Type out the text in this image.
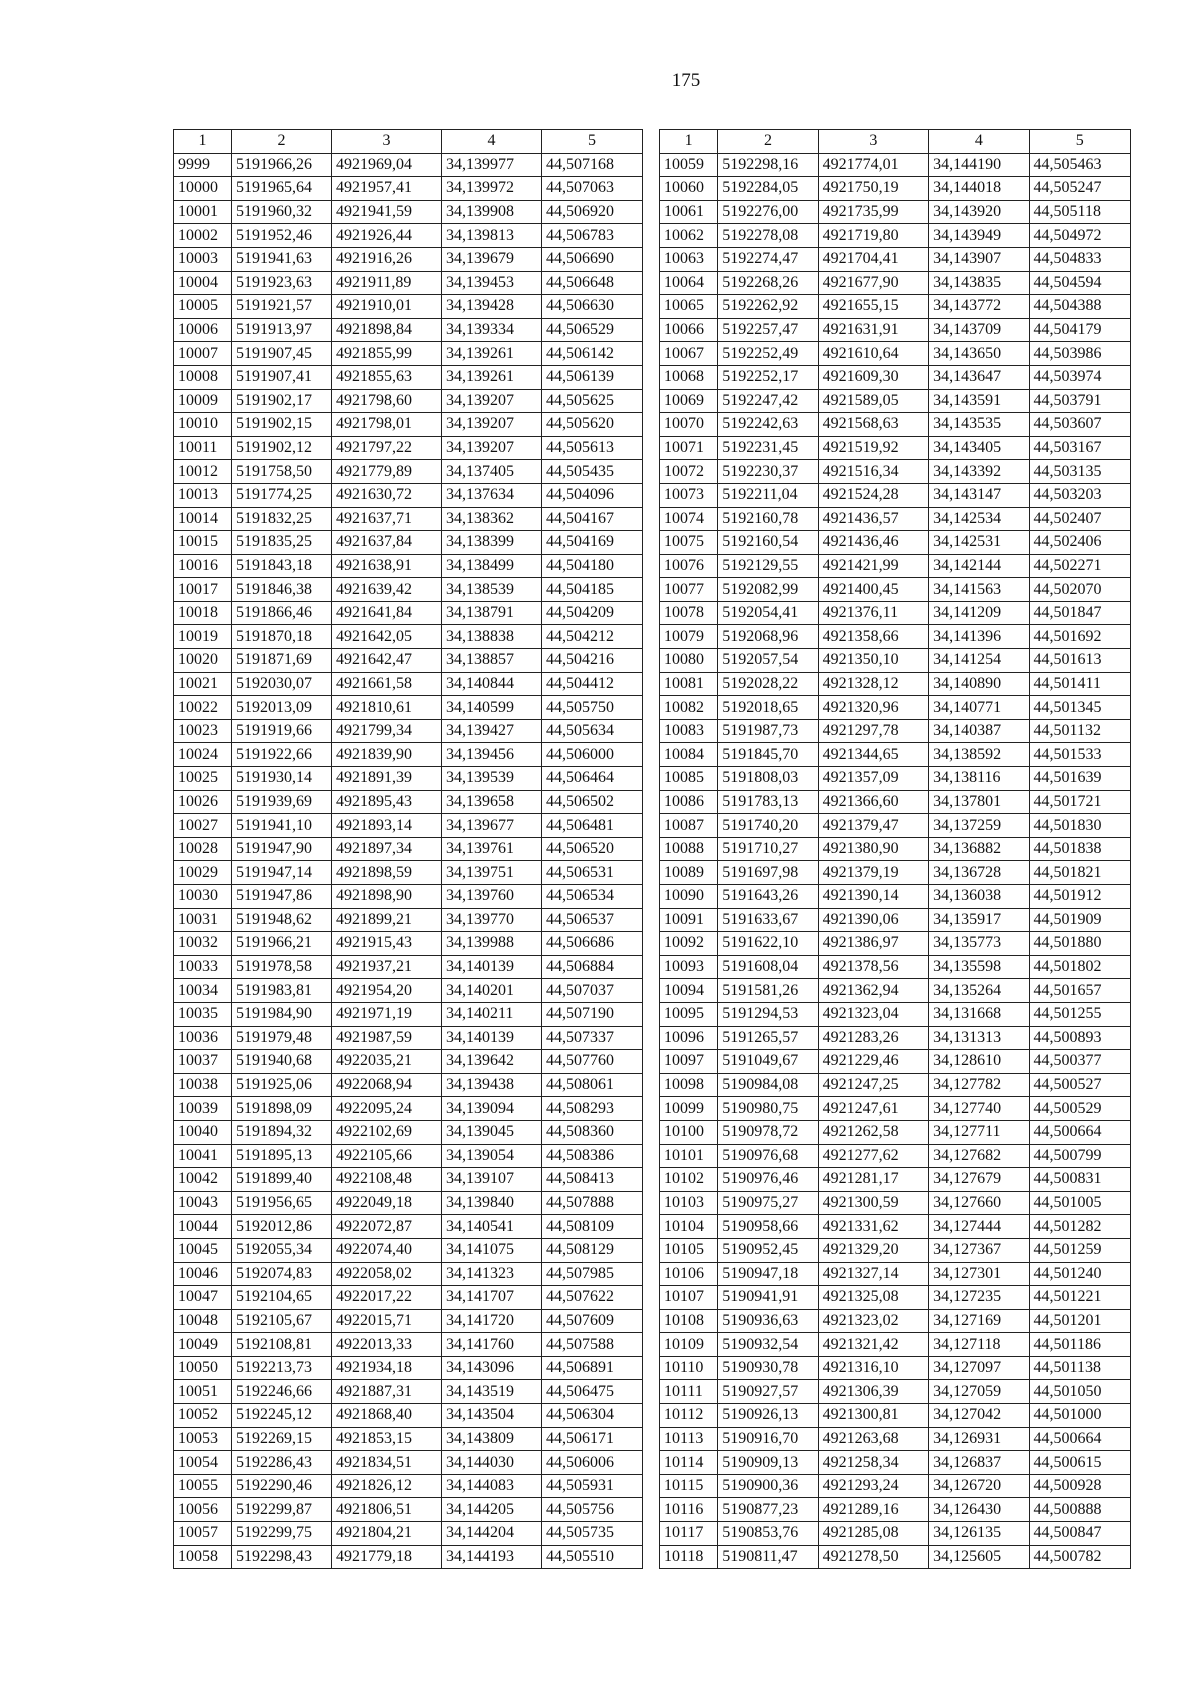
175
1	2	3	4	5
9999	5191966,26	4921969,04	34,139977	44,507168
10000	5191965,64	4921957,41	34,139972	44,507063
10001	5191960,32	4921941,59	34,139908	44,506920
10002	5191952,46	4921926,44	34,139813	44,506783
10003	5191941,63	4921916,26	34,139679	44,506690
10004	5191923,63	4921911,89	34,139453	44,506648
10005	5191921,57	4921910,01	34,139428	44,506630
10006	5191913,97	4921898,84	34,139334	44,506529
10007	5191907,45	4921855,99	34,139261	44,506142
10008	5191907,41	4921855,63	34,139261	44,506139
10009	5191902,17	4921798,60	34,139207	44,505625
10010	5191902,15	4921798,01	34,139207	44,505620
10011	5191902,12	4921797,22	34,139207	44,505613
10012	5191758,50	4921779,89	34,137405	44,505435
10013	5191774,25	4921630,72	34,137634	44,504096
10014	5191832,25	4921637,71	34,138362	44,504167
10015	5191835,25	4921637,84	34,138399	44,504169
10016	5191843,18	4921638,91	34,138499	44,504180
10017	5191846,38	4921639,42	34,138539	44,504185
10018	5191866,46	4921641,84	34,138791	44,504209
10019	5191870,18	4921642,05	34,138838	44,504212
10020	5191871,69	4921642,47	34,138857	44,504216
10021	5192030,07	4921661,58	34,140844	44,504412
10022	5192013,09	4921810,61	34,140599	44,505750
10023	5191919,66	4921799,34	34,139427	44,505634
10024	5191922,66	4921839,90	34,139456	44,506000
10025	5191930,14	4921891,39	34,139539	44,506464
10026	5191939,69	4921895,43	34,139658	44,506502
10027	5191941,10	4921893,14	34,139677	44,506481
10028	5191947,90	4921897,34	34,139761	44,506520
10029	5191947,14	4921898,59	34,139751	44,506531
10030	5191947,86	4921898,90	34,139760	44,506534
10031	5191948,62	4921899,21	34,139770	44,506537
10032	5191966,21	4921915,43	34,139988	44,506686
10033	5191978,58	4921937,21	34,140139	44,506884
10034	5191983,81	4921954,20	34,140201	44,507037
10035	5191984,90	4921971,19	34,140211	44,507190
10036	5191979,48	4921987,59	34,140139	44,507337
10037	5191940,68	4922035,21	34,139642	44,507760
10038	5191925,06	4922068,94	34,139438	44,508061
10039	5191898,09	4922095,24	34,139094	44,508293
10040	5191894,32	4922102,69	34,139045	44,508360
10041	5191895,13	4922105,66	34,139054	44,508386
10042	5191899,40	4922108,48	34,139107	44,508413
10043	5191956,65	4922049,18	34,139840	44,507888
10044	5192012,86	4922072,87	34,140541	44,508109
10045	5192055,34	4922074,40	34,141075	44,508129
10046	5192074,83	4922058,02	34,141323	44,507985
10047	5192104,65	4922017,22	34,141707	44,507622
10048	5192105,67	4922015,71	34,141720	44,507609
10049	5192108,81	4922013,33	34,141760	44,507588
10050	5192213,73	4921934,18	34,143096	44,506891
10051	5192246,66	4921887,31	34,143519	44,506475
10052	5192245,12	4921868,40	34,143504	44,506304
10053	5192269,15	4921853,15	34,143809	44,506171
10054	5192286,43	4921834,51	34,144030	44,506006
10055	5192290,46	4921826,12	34,144083	44,505931
10056	5192299,87	4921806,51	34,144205	44,505756
10057	5192299,75	4921804,21	34,144204	44,505735
10058	5192298,43	4921779,18	34,144193	44,505510
1	2	3	4	5
10059	5192298,16	4921774,01	34,144190	44,505463
10060	5192284,05	4921750,19	34,144018	44,505247
10061	5192276,00	4921735,99	34,143920	44,505118
10062	5192278,08	4921719,80	34,143949	44,504972
10063	5192274,47	4921704,41	34,143907	44,504833
10064	5192268,26	4921677,90	34,143835	44,504594
10065	5192262,92	4921655,15	34,143772	44,504388
10066	5192257,47	4921631,91	34,143709	44,504179
10067	5192252,49	4921610,64	34,143650	44,503986
10068	5192252,17	4921609,30	34,143647	44,503974
10069	5192247,42	4921589,05	34,143591	44,503791
10070	5192242,63	4921568,63	34,143535	44,503607
10071	5192231,45	4921519,92	34,143405	44,503167
10072	5192230,37	4921516,34	34,143392	44,503135
10073	5192211,04	4921524,28	34,143147	44,503203
10074	5192160,78	4921436,57	34,142534	44,502407
10075	5192160,54	4921436,46	34,142531	44,502406
10076	5192129,55	4921421,99	34,142144	44,502271
10077	5192082,99	4921400,45	34,141563	44,502070
10078	5192054,41	4921376,11	34,141209	44,501847
10079	5192068,96	4921358,66	34,141396	44,501692
10080	5192057,54	4921350,10	34,141254	44,501613
10081	5192028,22	4921328,12	34,140890	44,501411
10082	5192018,65	4921320,96	34,140771	44,501345
10083	5191987,73	4921297,78	34,140387	44,501132
10084	5191845,70	4921344,65	34,138592	44,501533
10085	5191808,03	4921357,09	34,138116	44,501639
10086	5191783,13	4921366,60	34,137801	44,501721
10087	5191740,20	4921379,47	34,137259	44,501830
10088	5191710,27	4921380,90	34,136882	44,501838
10089	5191697,98	4921379,19	34,136728	44,501821
10090	5191643,26	4921390,14	34,136038	44,501912
10091	5191633,67	4921390,06	34,135917	44,501909
10092	5191622,10	4921386,97	34,135773	44,501880
10093	5191608,04	4921378,56	34,135598	44,501802
10094	5191581,26	4921362,94	34,135264	44,501657
10095	5191294,53	4921323,04	34,131668	44,501255
10096	5191265,57	4921283,26	34,131313	44,500893
10097	5191049,67	4921229,46	34,128610	44,500377
10098	5190984,08	4921247,25	34,127782	44,500527
10099	5190980,75	4921247,61	34,127740	44,500529
10100	5190978,72	4921262,58	34,127711	44,500664
10101	5190976,68	4921277,62	34,127682	44,500799
10102	5190976,46	4921281,17	34,127679	44,500831
10103	5190975,27	4921300,59	34,127660	44,501005
10104	5190958,66	4921331,62	34,127444	44,501282
10105	5190952,45	4921329,20	34,127367	44,501259
10106	5190947,18	4921327,14	34,127301	44,501240
10107	5190941,91	4921325,08	34,127235	44,501221
10108	5190936,63	4921323,02	34,127169	44,501201
10109	5190932,54	4921321,42	34,127118	44,501186
10110	5190930,78	4921316,10	34,127097	44,501138
10111	5190927,57	4921306,39	34,127059	44,501050
10112	5190926,13	4921300,81	34,127042	44,501000
10113	5190916,70	4921263,68	34,126931	44,500664
10114	5190909,13	4921258,34	34,126837	44,500615
10115	5190900,36	4921293,24	34,126720	44,500928
10116	5190877,23	4921289,16	34,126430	44,500888
10117	5190853,76	4921285,08	34,126135	44,500847
10118	5190811,47	4921278,50	34,125605	44,500782
